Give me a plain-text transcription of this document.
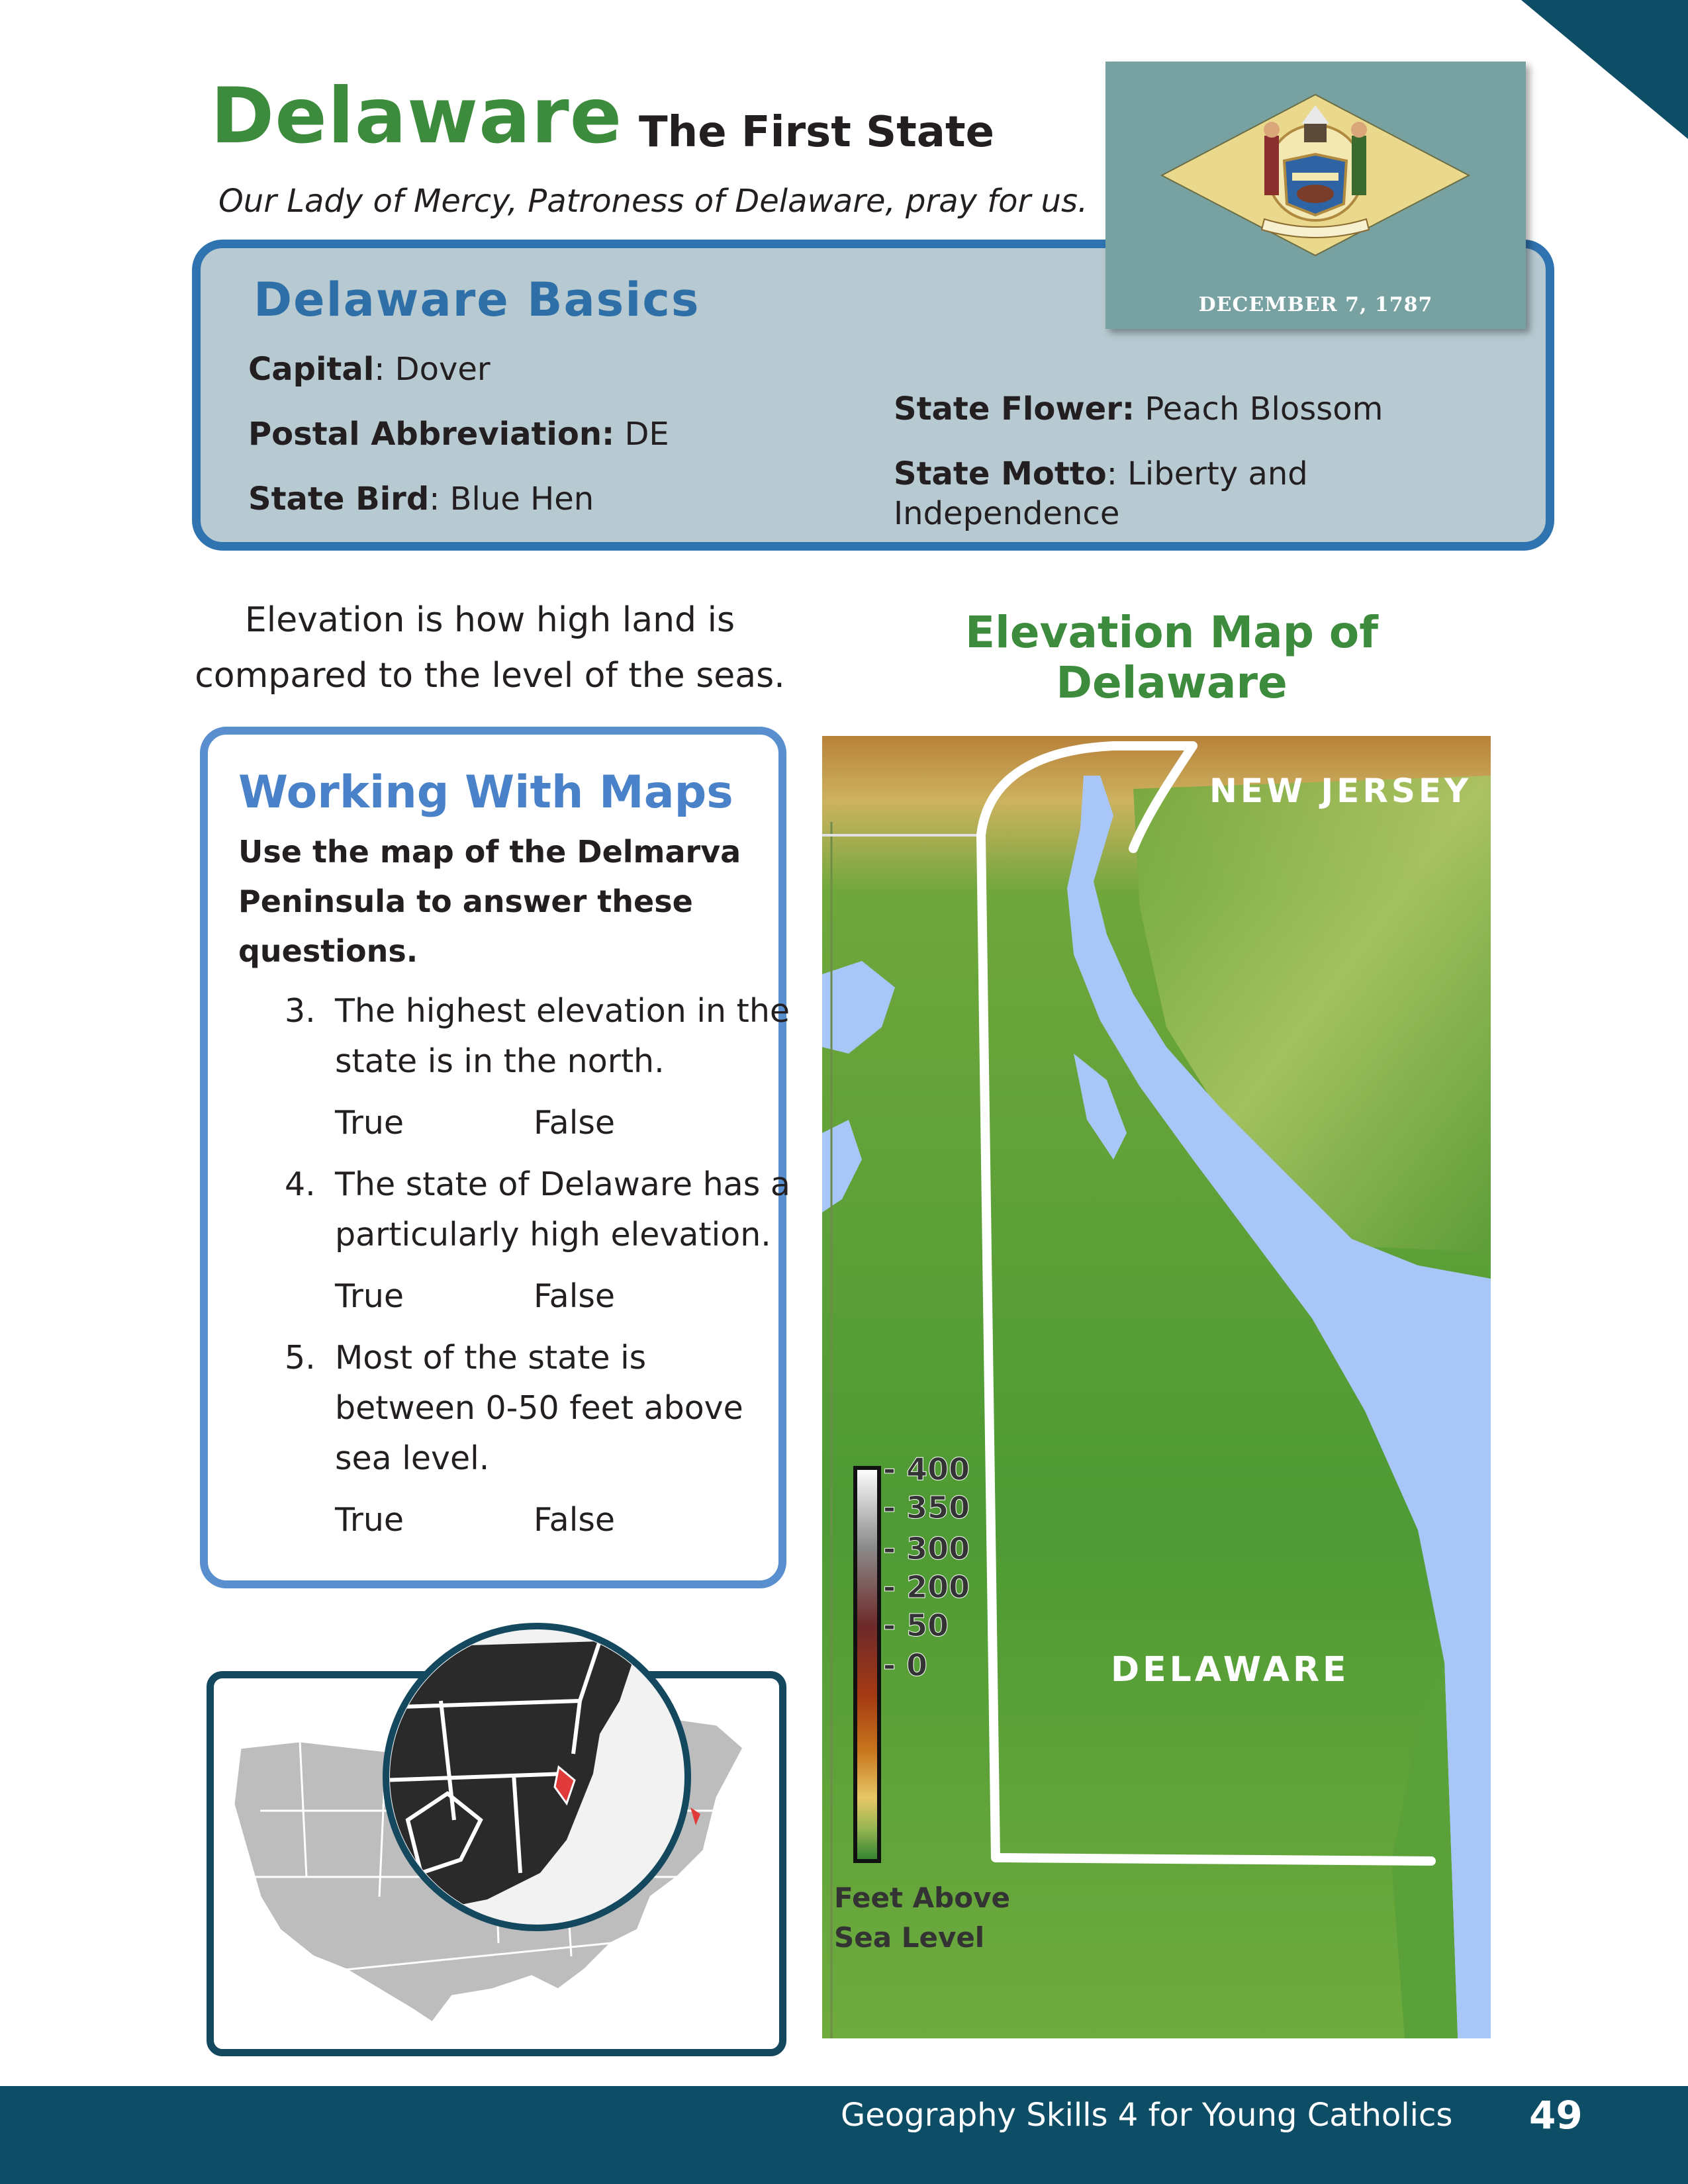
Delaware The First State
Our Lady of Mercy, Patroness of Delaware, pray for us.
Delaware Basics
Capital: Dover
Postal Abbreviation: DE
State Bird: Blue Hen
State Flower: Peach Blossom
State Motto: Liberty and
Independence
DECEMBER 7, 1787
Elevation is how high land is
compared to the level of the seas.
Elevation Map of
Delaware
Working With Maps
Use the map of the Delmarva
Peninsula to answer these
questions.
3. The highest elevation in the
state is in the north.
True	False
4. The state of Delaware has a
particularly high elevation.
True	False
5. Most of the state is
between 0-50 feet above
sea level.
True	False
- 400
- 350
- 300
- 200
- 50
- 0
Feet Above
Sea Level
NEW JERSEY
DELAWARE
Geography Skills 4 for Young Catholics 49
